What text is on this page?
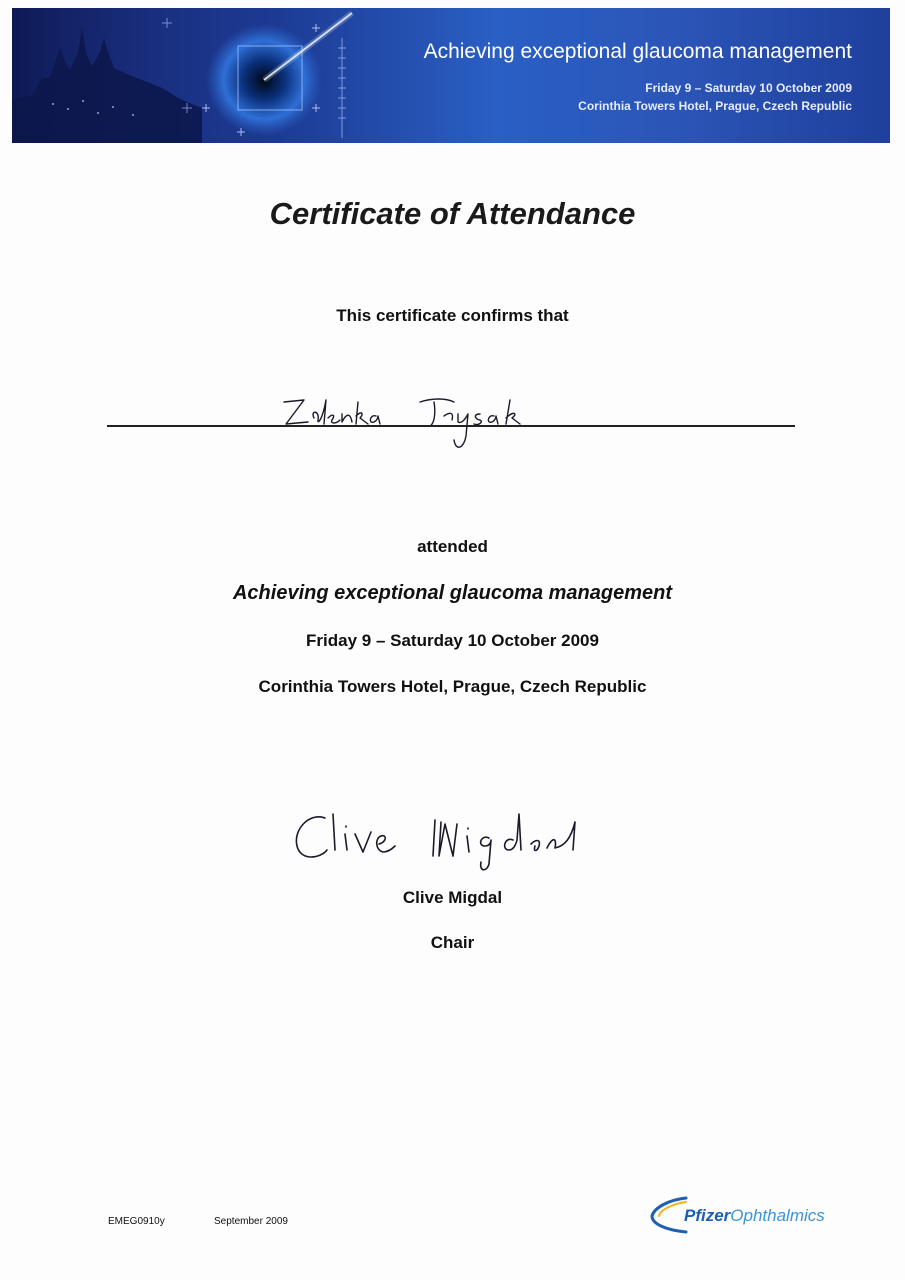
Achieving exceptional glaucoma management

Friday 9 – Saturday 10 October 2009

Corinthia Towers Hotel, Prague, Czech Republic

Certificate of Attendance

This certificate confirms that

attended

Achieving exceptional glaucoma management

Friday 9 – Saturday 10 October 2009

Corinthia Towers Hotel, Prague, Czech Republic

Clive Migdal

Chair

EMEG0910y	September 2009	PfizerOphthalmics
